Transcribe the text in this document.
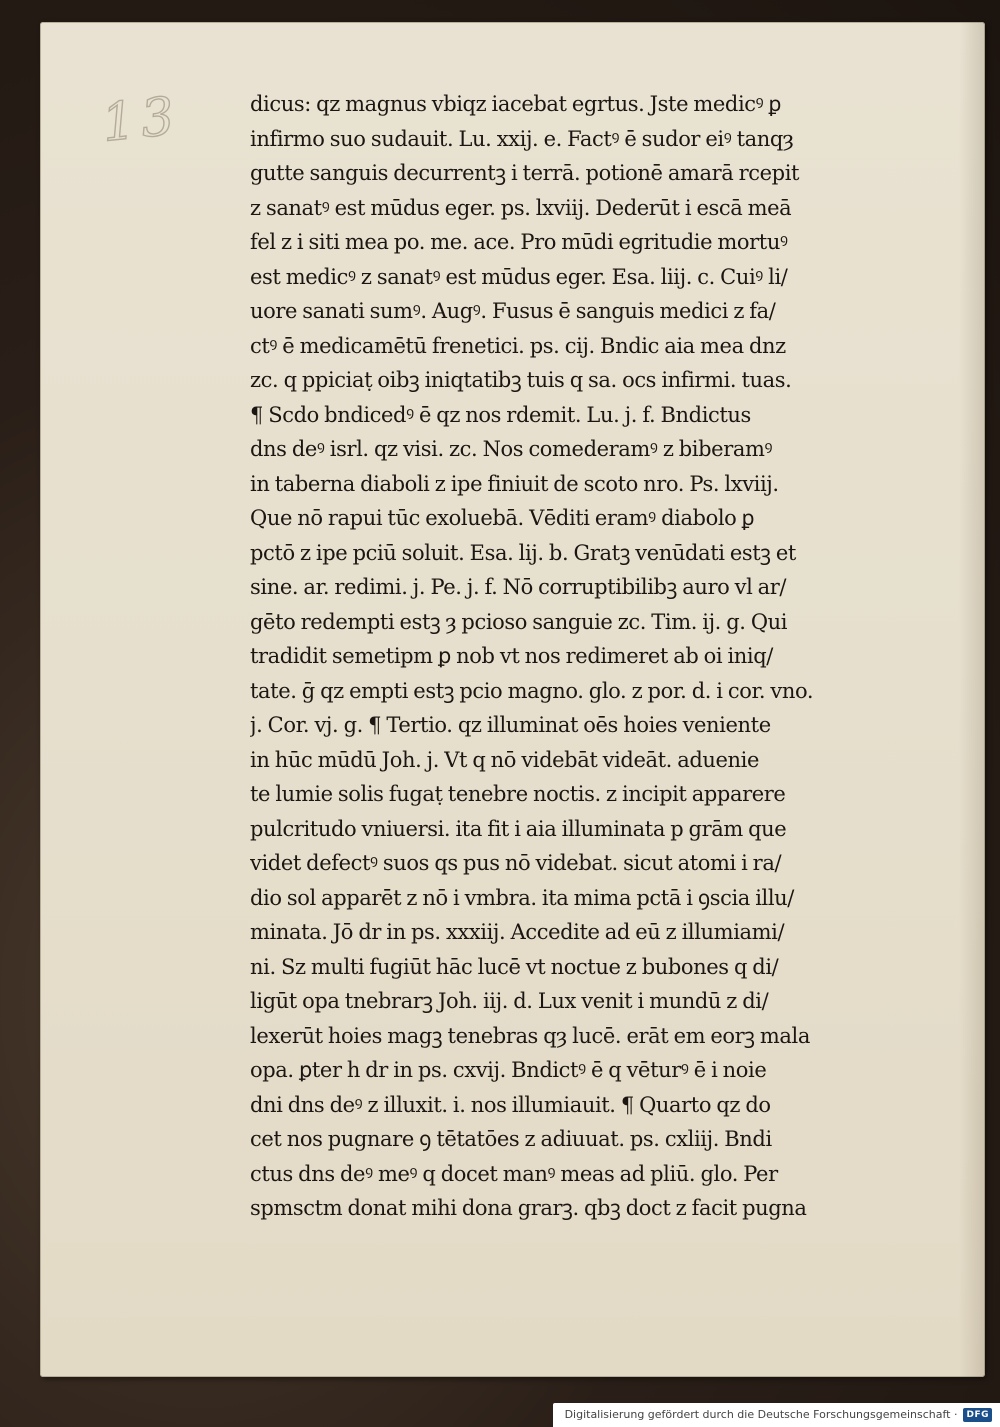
13	dicus: qz magnus vbiqz iacebat egrtus. Jste medicꝰ ꝑ
infirmo suo sudauit. Lu. xxij. e. Factꝰ ē sudor eiꝰ tanqȝ
gutte sanguis decurrentꝫ i terrā. potionē amarā rcepit
z sanatꝰ est mūdus eger. ps. lxviij. Dederūt i escā meā
fel z i siti mea po. me. ace. Pro mūdi egritudie mortuꝰ
est medicꝰ z sanatꝰ est mūdus eger. Esa. liij. c. Cuiꝰ li/
uore sanati sumꝰ. Augꝰ. Fusus ē sanguis medici z fa/
ctꝰ ē medicamētū frenetici. ps. cij. Bndic aia mea dnz
zc. q ppiciaṭ oibꝫ iniqtatibꝫ tuis q sa. ocs infirmi. tuas.
¶ Scdo bndicedꝰ ē qz nos rdemit. Lu. j. f. Bndictus
dns deꝰ isrl. qz visi. zc. Nos comederamꝰ z biberamꝰ
in taberna diaboli z ipe finiuit de scoto nro. Ps. lxviij.
Que nō rapui tūc exoluebā. Vēditi eramꝰ diabolo ꝑ
pctō z ipe pciū soluit. Esa. lij. b. Gratꝫ venūdati estꝫ et
sine. ar. redimi. j. Pe. j. f. Nō corruptibilibꝫ auro vl ar/
gēto redempti estꝫ ȝ pcioso sanguie zc. Tim. ij. g. Qui
tradidit semetipm ꝑ nob vt nos redimeret ab oi iniq/
tate. ḡ qz empti estꝫ pcio magno. glo. z por. d. i cor. vno.
j. Cor. vj. g. ¶ Tertio. qz illuminat oēs hoies veniente
in hūc mūdū Joh. j. Vt q nō videbāt videāt. aduenie
te lumie solis fugaṭ tenebre noctis. z incipit apparere
pulcritudo vniuersi. ita fit i aia illuminata p grām que
videt defectꝰ suos qs pus nō videbat. sicut atomi i ra/
dio sol apparēt z nō i vmbra. ita mima pctā i ꝯscia illu/
minata. Jō dr in ps. xxxiij. Accedite ad eū z illumiami/
ni. Sz multi fugiūt hāc lucē vt noctue z bubones q di/
ligūt opa tnebrarꝫ Joh. iij. d. Lux venit i mundū z di/
lexerūt hoies magꝫ tenebras qȝ lucē. erāt em eorꝫ mala
opa. ꝑter h dr in ps. cxvij. Bndictꝰ ē q vēturꝰ ē i noie
dni dns deꝰ z illuxit. i. nos illumiauit. ¶ Quarto qz do
cet nos pugnare ꝯ tētatōes z adiuuat. ps. cxliij. Bndi
ctus dns deꝰ meꝰ q docet manꝰ meas ad pliū. glo. Per
spmsctm donat mihi dona grarꝫ. qbꝫ doct z facit pugna
Digitalisierung gefördert durch die Deutsche Forschungsgemeinschaft ·	DFG
